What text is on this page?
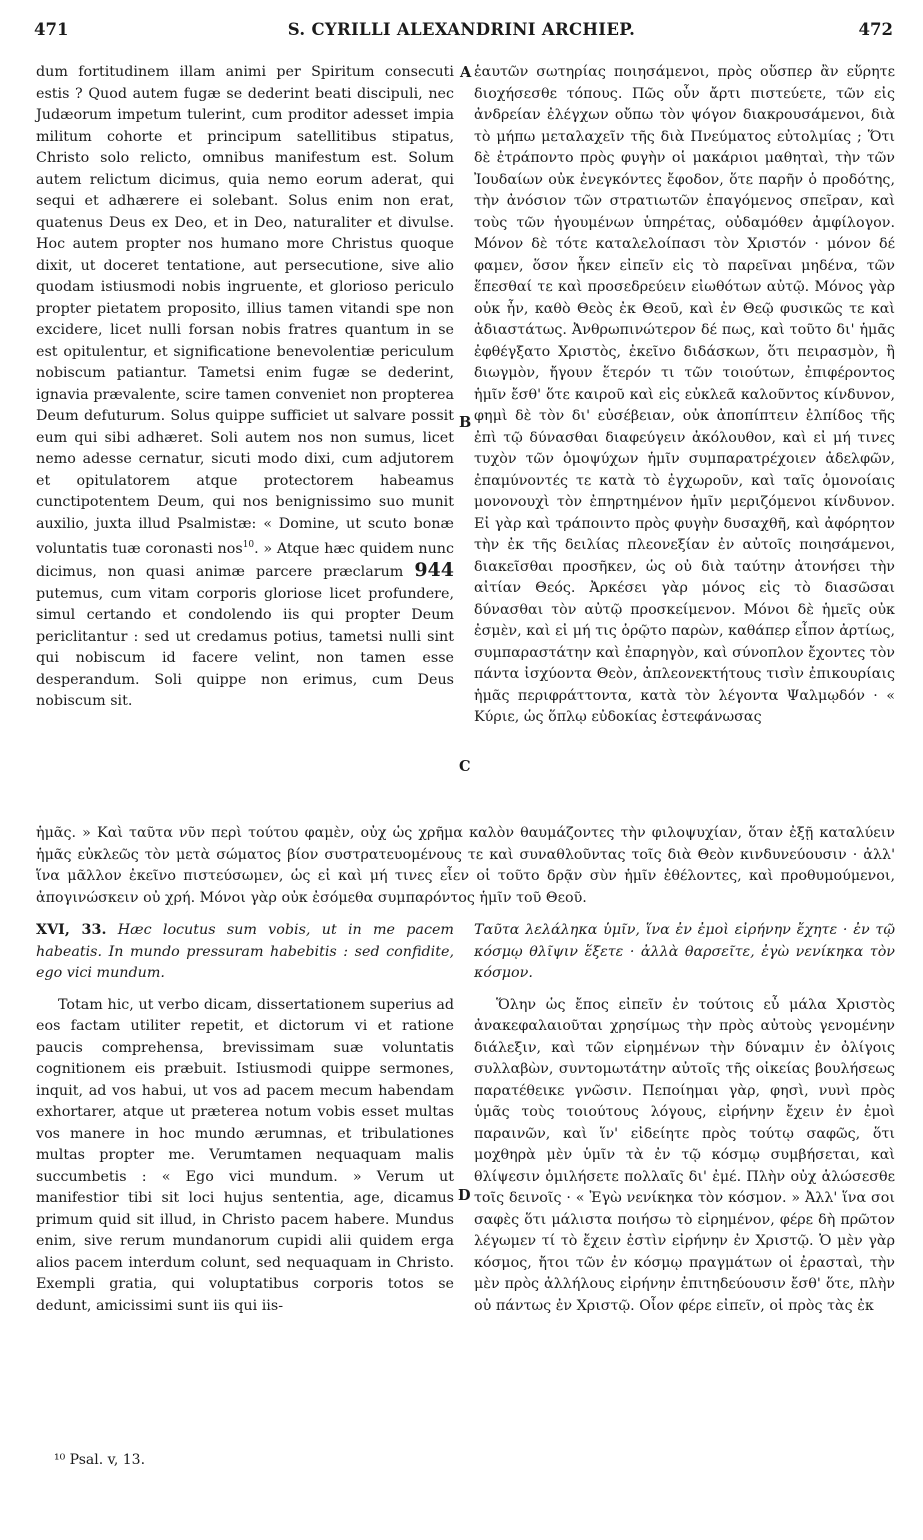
471	S. CYRILLI ALEXANDRINI ARCHIEP.	472
A
B
C
D

dum fortitudinem illam animi per Spiritum consecuti estis ? Quod autem fugæ se dederint beati discipuli, nec Judæorum impetum tulerint, cum proditor adesset impia militum cohorte et principum satellitibus stipatus, Christo solo relicto, omnibus manifestum est. Solum autem relictum dicimus, quia nemo eorum aderat, qui sequi et adhærere ei solebant. Solus enim non erat, quatenus Deus ex Deo, et in Deo, naturaliter et divulse. Hoc autem propter nos humano more Christus quoque dixit, ut doceret tentatione, aut persecutione, sive alio quodam istiusmodi nobis ingruente, et glorioso periculo propter pietatem proposito, illius tamen vitandi spe non excidere, licet nulli forsan nobis fratres quantum in se est opitulentur, et significatione benevolentiæ periculum nobiscum patiantur. Tametsi enim fugæ se dederint, ignavia prævalente, scire tamen conveniet non propterea Deum defuturum. Solus quippe sufficiet ut salvare possit eum qui sibi adhæret. Soli autem nos non sumus, licet nemo adesse cernatur, sicuti modo dixi, cum adjutorem et opitulatorem atque protectorem habeamus cunctipotentem Deum, qui nos benignissimo suo munit auxilio, juxta illud Psalmistæ: « Domine, ut scuto bonæ voluntatis tuæ coronasti nos$^{10}$. » Atque hæc quidem nunc dicimus, non quasi animæ parcere præclarum 944 putemus, cum vitam corporis gloriose licet profundere, simul certando et condolendo iis qui propter Deum periclitantur : sed ut credamus potius, tametsi nulli sint qui nobiscum id facere velint, non tamen esse desperandum. Soli quippe non erimus, cum Deus nobiscum sit.

ἑαυτῶν σωτηρίας ποιησάμενοι, πρὸς οὕσπερ ἂν εὕρητε διοχήσεσθε τόπους. Πῶς οὖν ἄρτι πιστεύετε, τῶν εἰς ἀνδρείαν ἐλέγχων οὔπω τὸν ψόγον διακρουσάμενοι, διὰ τὸ μήπω μεταλαχεῖν τῆς διὰ Πνεύματος εὐτολμίας ; Ὅτι δὲ ἐτράποντο πρὸς φυγὴν οἱ μακάριοι μαθηταὶ, τὴν τῶν Ἰουδαίων οὐκ ἐνεγκόντες ἔφοδον, ὅτε παρῆν ὁ προδότης, τὴν ἀνόσιον τῶν στρατιωτῶν ἐπαγόμενος σπεῖραν, καὶ τοὺς τῶν ἡγουμένων ὑπηρέτας, οὐδαμόθεν ἀμφίλογον. Μόνον δὲ τότε καταλελοίπασι τὸν Χριστόν · μόνον δέ φαμεν, ὅσον ἧκεν εἰπεῖν εἰς τὸ παρεῖναι μηδένα, τῶν ἕπεσθαί τε καὶ προσεδρεύειν εἰωθότων αὐτῷ. Μόνος γὰρ οὐκ ἦν, καθὸ Θεὸς ἐκ Θεοῦ, καὶ ἐν Θεῷ φυσικῶς τε καὶ ἀδιαστάτως. Ἀνθρωπινώτερον δέ πως, καὶ τοῦτο δι' ἡμᾶς ἐφθέγξατο Χριστὸς, ἐκεῖνο διδάσκων, ὅτι πειρασμὸν, ἢ διωγμὸν, ἤγουν ἕτερόν τι τῶν τοιούτων, ἐπιφέροντος ἡμῖν ἔσθ' ὅτε καιροῦ καὶ εἰς εὐκλεᾶ καλοῦντος κίνδυνον, φημὶ δὲ τὸν δι' εὐσέβειαν, οὐκ ἀποπίπτειν ἐλπίδος τῆς ἐπὶ τῷ δύνασθαι διαφεύγειν ἀκόλουθον, καὶ εἰ μή τινες τυχὸν τῶν ὁμοψύχων ἡμῖν συμπαρατρέχοιεν ἀδελφῶν, ἐπαμύνοντές τε κατὰ τὸ ἐγχωροῦν, καὶ ταῖς ὁμονοίαις μονονουχὶ τὸν ἐπηρτημένον ἡμῖν μεριζόμενοι κίνδυνον. Εἰ γὰρ καὶ τράποιντο πρὸς φυγὴν δυσαχθῆ, καὶ ἀφόρητον τὴν ἐκ τῆς δειλίας πλεονεξίαν ἐν αὐτοῖς ποιησάμενοι, διακεῖσθαι προσῆκεν, ὡς οὐ διὰ ταύτην ἀτονήσει τὴν αἰτίαν Θεός. Ἀρκέσει γὰρ μόνος εἰς τὸ διασῶσαι δύνασθαι τὸν αὐτῷ προσκείμενον. Μόνοι δὲ ἡμεῖς οὐκ ἐσμὲν, καὶ εἰ μή τις ὁρῷτο παρὼν, καθάπερ εἶπον ἀρτίως, συμπαραστάτην καὶ ἐπαρηγὸν, καὶ σύνοπλον ἔχοντες τὸν πάντα ἰσχύοντα Θεὸν, ἀπλεονεκτήτους τισὶν ἐπικουρίαις ἡμᾶς περιφράττοντα, κατὰ τὸν λέγοντα Ψαλμῳδόν · « Κύριε, ὡς ὅπλῳ εὐδοκίας ἐστεφάνωσας

ἡμᾶς. » Καὶ ταῦτα νῦν περὶ τούτου φαμὲν, οὐχ ὡς χρῆμα καλὸν θαυμάζοντες τὴν φιλοψυχίαν, ὅταν ἐξῇ καταλύειν ἡμᾶς εὐκλεῶς τὸν μετὰ σώματος βίον συστρατευομένους τε καὶ συναθλοῦντας τοῖς διὰ Θεὸν κινδυνεύουσιν · ἀλλ' ἵνα μᾶλλον ἐκεῖνο πιστεύσωμεν, ὡς εἰ καὶ μή τινες εἶεν οἱ τοῦτο δρᾷν σὺν ἡμῖν ἐθέλοντες, καὶ προθυμούμενοι, ἀπογινώσκειν οὐ χρή. Μόνοι γὰρ οὐκ ἐσόμεθα συμπαρόντος ἡμῖν τοῦ Θεοῦ.

XVI, 33. Hæc locutus sum vobis, ut in me pacem habeatis. In mundo pressuram habebitis : sed confidite, ego vici mundum.

Totam hic, ut verbo dicam, dissertationem superius ad eos factam utiliter repetit, et dictorum vi et ratione paucis comprehensa, brevissimam suæ voluntatis cognitionem eis præbuit. Istiusmodi quippe sermones, inquit, ad vos habui, ut vos ad pacem mecum habendam exhortarer, atque ut præterea notum vobis esset multas vos manere in hoc mundo ærumnas, et tribulationes multas propter me. Verumtamen nequaquam malis succumbetis : « Ego vici mundum. » Verum ut manifestior tibi sit loci hujus sententia, age, dicamus primum quid sit illud, in Christo pacem habere. Mundus enim, sive rerum mundanorum cupidi alii quidem erga alios pacem interdum colunt, sed nequaquam in Christo. Exempli gratia, qui voluptatibus corporis totos se dedunt, amicissimi sunt iis qui iis-

Ταῦτα λελάληκα ὑμῖν, ἵνα ἐν ἐμοὶ εἰρήνην ἔχητε · ἐν τῷ κόσμῳ θλῖψιν ἕξετε · ἀλλὰ θαρσεῖτε, ἐγὼ νενίκηκα τὸν κόσμον.

Ὅλην ὡς ἔπος εἰπεῖν ἐν τούτοις εὖ μάλα Χριστὸς ἀνακεφαλαιοῦται χρησίμως τὴν πρὸς αὐτοὺς γενομένην διάλεξιν, καὶ τῶν εἰρημένων τὴν δύναμιν ἐν ὀλίγοις συλλαβὼν, συντομωτάτην αὐτοῖς τῆς οἰκείας βουλήσεως παρατέθεικε γνῶσιν. Πεποίημαι γὰρ, φησὶ, νυνὶ πρὸς ὑμᾶς τοὺς τοιούτους λόγους, εἰρήνην ἔχειν ἐν ἐμοὶ παραινῶν, καὶ ἵν' εἰδείητε πρὸς τούτῳ σαφῶς, ὅτι μοχθηρὰ μὲν ὑμῖν τὰ ἐν τῷ κόσμῳ συμβήσεται, καὶ θλίψεσιν ὁμιλήσετε πολλαῖς δι' ἐμέ. Πλὴν οὐχ ἁλώσεσθε τοῖς δεινοῖς · « Ἐγὼ νενίκηκα τὸν κόσμον. » Ἀλλ' ἵνα σοι σαφὲς ὅτι μάλιστα ποιήσω τὸ εἰρημένον, φέρε δὴ πρῶτον λέγωμεν τί τὸ ἔχειν ἐστὶν εἰρήνην ἐν Χριστῷ. Ὁ μὲν γὰρ κόσμος, ἤτοι τῶν ἐν κόσμῳ πραγμάτων οἱ ἐρασταὶ, τὴν μὲν πρὸς ἀλλήλους εἰρήνην ἐπιτηδεύουσιν ἔσθ' ὅτε, πλὴν οὐ πάντως ἐν Χριστῷ. Οἷον φέρε εἰπεῖν, οἱ πρὸς τὰς ἐκ

¹⁰ Psal. v, 13.
